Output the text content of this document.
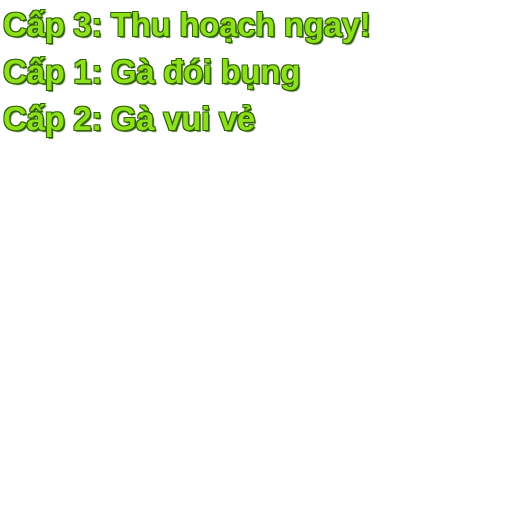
Cấp 3: Thu hoạch ngay!
Cấp 1: Gà đói bụng
Cấp 2: Gà vui vẻ
